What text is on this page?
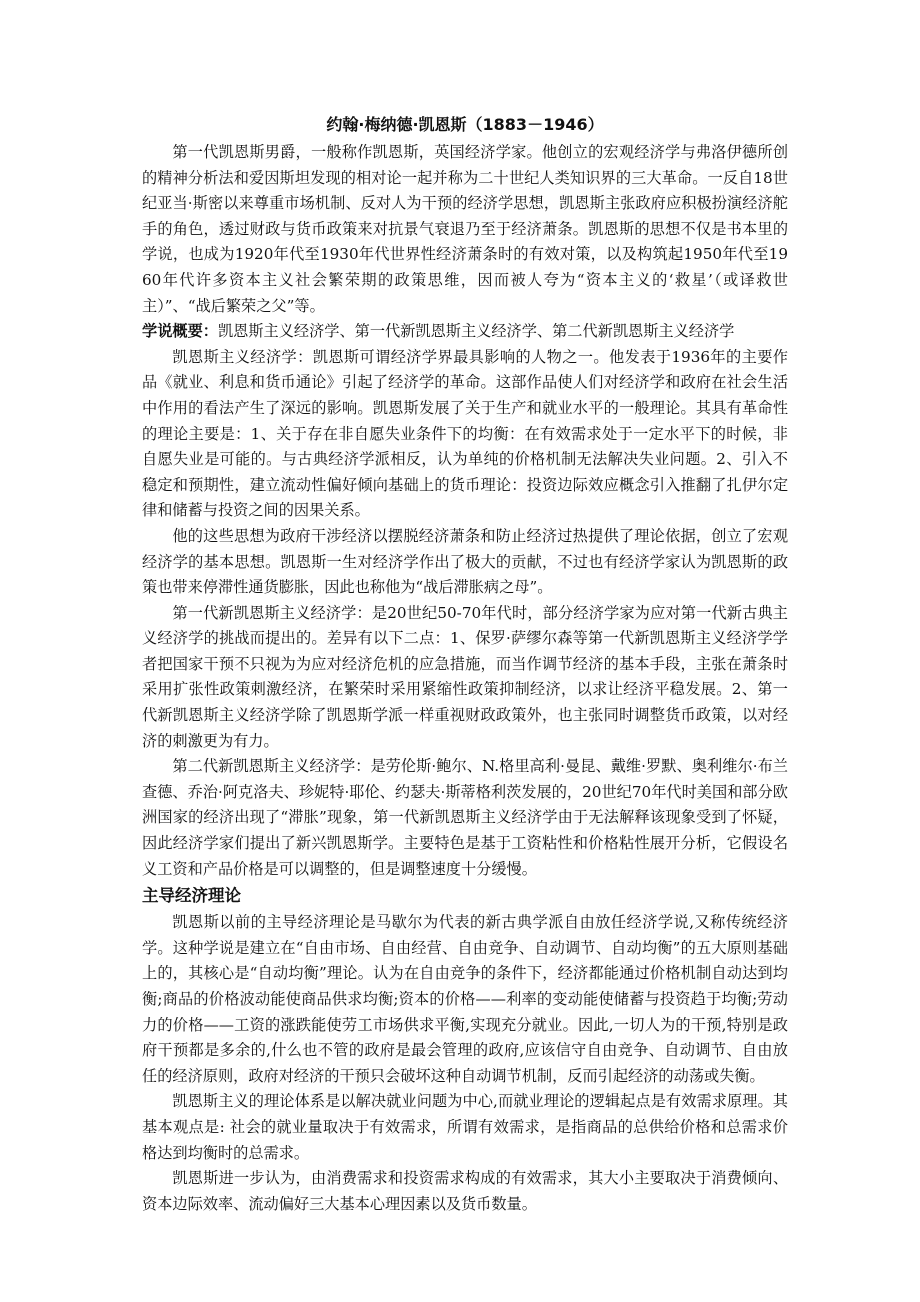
约翰·梅纳德·凯恩斯（1883－1946）

第一代凯恩斯男爵，一般称作凯恩斯，英国经济学家。他创立的宏观经济学与弗洛伊德所创的精神分析法和爱因斯坦发现的相对论一起并称为二十世纪人类知识界的三大革命。一反自18世纪亚当·斯密以来尊重市场机制、反对人为干预的经济学思想，凯恩斯主张政府应积极扮演经济舵手的角色，透过财政与货币政策来对抗景气衰退乃至于经济萧条。凯恩斯的思想不仅是书本里的学说，也成为1920年代至1930年代世界性经济萧条时的有效对策，以及构筑起1950年代至1960年代许多资本主义社会繁荣期的政策思维，因而被人夸为“资本主义的‘救星’（或译救世主）”、“战后繁荣之父”等。

学说概要：凯恩斯主义经济学、第一代新凯恩斯主义经济学、第二代新凯恩斯主义经济学

凯恩斯主义经济学：凯恩斯可谓经济学界最具影响的人物之一。他发表于1936年的主要作品《就业、利息和货币通论》引起了经济学的革命。这部作品使人们对经济学和政府在社会生活中作用的看法产生了深远的影响。凯恩斯发展了关于生产和就业水平的一般理论。其具有革命性的理论主要是：1、关于存在非自愿失业条件下的均衡：在有效需求处于一定水平下的时候，非自愿失业是可能的。与古典经济学派相反，认为单纯的价格机制无法解决失业问题。2、引入不稳定和预期性，建立流动性偏好倾向基础上的货币理论：投资边际效应概念引入推翻了扎伊尔定律和储蓄与投资之间的因果关系。

他的这些思想为政府干涉经济以摆脱经济萧条和防止经济过热提供了理论依据，创立了宏观经济学的基本思想。凯恩斯一生对经济学作出了极大的贡献，不过也有经济学家认为凯恩斯的政策也带来停滞性通货膨胀，因此也称他为“战后滞胀病之母”。

第一代新凯恩斯主义经济学：是20世纪50-70年代时，部分经济学家为应对第一代新古典主义经济学的挑战而提出的。差异有以下二点：1、保罗·萨缪尔森等第一代新凯恩斯主义经济学学者把国家干预不只视为为应对经济危机的应急措施，而当作调节经济的基本手段，主张在萧条时采用扩张性政策刺激经济，在繁荣时采用紧缩性政策抑制经济，以求让经济平稳发展。2、第一代新凯恩斯主义经济学除了凯恩斯学派一样重视财政政策外，也主张同时调整货币政策，以对经济的刺激更为有力。

第二代新凯恩斯主义经济学：是劳伦斯·鲍尔、N.格里高利·曼昆、戴维·罗默、奥利维尔·布兰查德、乔治·阿克洛夫、珍妮特·耶伦、约瑟夫·斯蒂格利茨发展的，20世纪70年代时美国和部分欧洲国家的经济出现了“滞胀”现象，第一代新凯恩斯主义经济学由于无法解释该现象受到了怀疑，因此经济学家们提出了新兴凯恩斯学。主要特色是基于工资粘性和价格粘性展开分析，它假设名义工资和产品价格是可以调整的，但是调整速度十分缓慢。

主导经济理论

凯恩斯以前的主导经济理论是马歇尔为代表的新古典学派自由放任经济学说,又称传统经济学。这种学说是建立在“自由市场、自由经营、自由竞争、自动调节、自动均衡”的五大原则基础上的，其核心是“自动均衡”理论。认为在自由竞争的条件下，经济都能通过价格机制自动达到均衡;商品的价格波动能使商品供求均衡;资本的价格——利率的变动能使储蓄与投资趋于均衡;劳动力的价格——工资的涨跌能使劳工市场供求平衡,实现充分就业。因此,一切人为的干预,特别是政府干预都是多余的,什么也不管的政府是最会管理的政府,应该信守自由竞争、自动调节、自由放任的经济原则，政府对经济的干预只会破坏这种自动调节机制，反而引起经济的动荡或失衡。

凯恩斯主义的理论体系是以解决就业问题为中心,而就业理论的逻辑起点是有效需求原理。其基本观点是: 社会的就业量取决于有效需求，所谓有效需求，是指商品的总供给价格和总需求价格达到均衡时的总需求。

凯恩斯进一步认为，由消费需求和投资需求构成的有效需求，其大小主要取决于消费倾向、资本边际效率、流动偏好三大基本心理因素以及货币数量。
